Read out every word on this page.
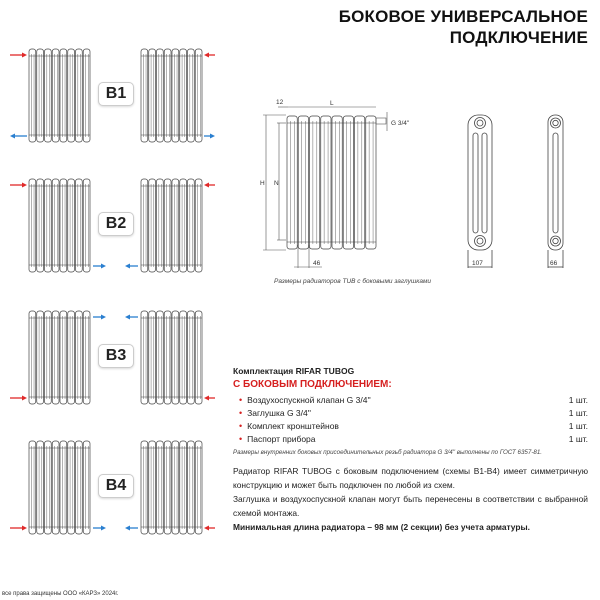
БОКОВОЕ УНИВЕРСАЛЬНОЕ
ПОДКЛЮЧЕНИЕ
B1
B2
B3
B4
12	L
H N
46
G 3/4''
107	66
Размеры радиаторов TUB с боковыми заглушками
Комплектация RIFAR TUBOG
С БОКОВЫМ ПОДКЛЮЧЕНИЕМ:
• Воздухоспускной клапан G 3/4''	1 шт.
• Заглушка G 3/4''	1 шт.
• Комплект кронштейнов	1 шт.
• Паспорт прибора	1 шт.
Размеры внутренних боковых присоединительных резьб радиатора G 3/4'' выполнены по ГОСТ 6357-81.

Радиатор RIFAR TUBOG с боковым подключением (схемы В1-В4) имеет симметричную конструкцию и может быть подключен по любой из схем.

Заглушка и воздухоспускной клапан могут быть перенесены в соответствии с выбранной схемой монтажа.

Минимальная длина радиатора – 98 мм (2 секции) без учета арматуры.

все права защищены ООО «КАРЗ» 2024г.
